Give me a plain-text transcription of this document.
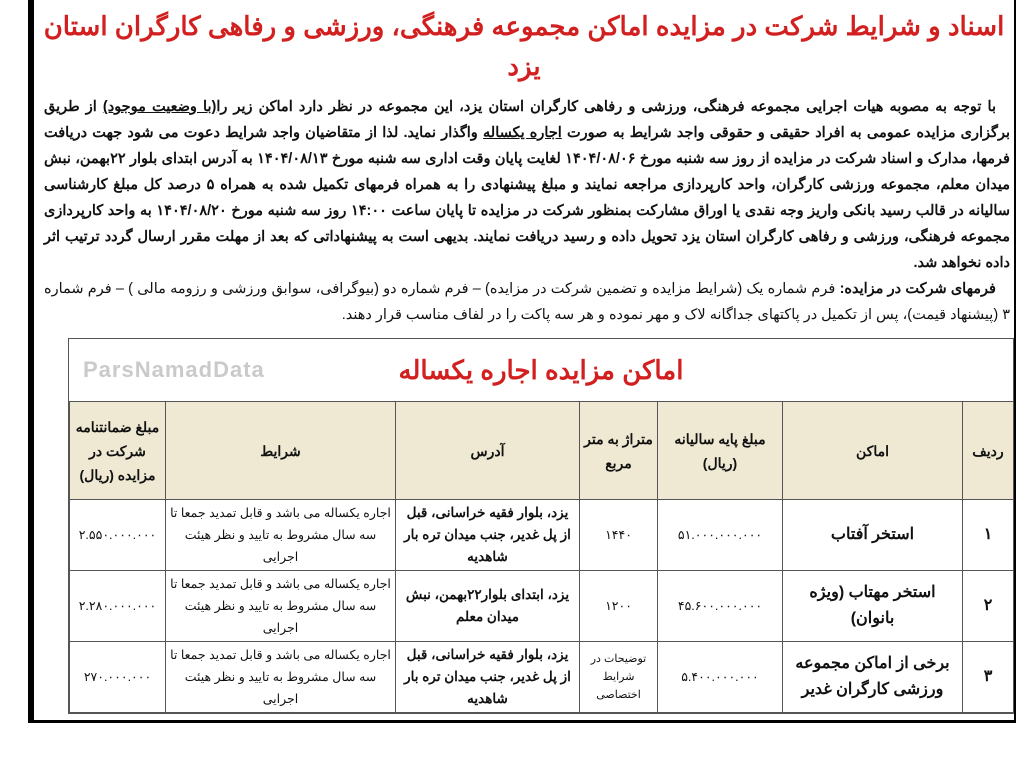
اسناد و شرایط شرکت در مزایده اماکن مجموعه فرهنگی، ورزشی و رفاهی کارگران استان یزد

با توجه به مصوبه هیات اجرایی مجموعه فرهنگی، ورزشی و رفاهی کارگران استان یزد، این مجموعه در نظر دارد اماکن زیر را(با وضعیت موجود) از طریق برگزاری مزایده عمومی به افراد حقیقی و حقوقی واجد شرایط به صورت اجاره یکساله واگذار نماید. لذا از متقاضیان واجد شرایط دعوت می شود جهت دریافت فرمها، مدارک و اسناد شرکت در مزایده از روز سه شنبه مورخ ۱۴۰۴/۰۸/۰۶ لغایت پایان وقت اداری سه شنبه مورخ ۱۴۰۴/۰۸/۱۳ به آدرس ابتدای بلوار ۲۲بهمن، نبش میدان معلم، مجموعه ورزشی کارگران، واحد کارپردازی مراجعه نمایند و مبلغ پیشنهادی را به همراه فرمهای تکمیل شده به همراه ۵ درصد کل مبلغ کارشناسی سالیانه در قالب رسید بانکی واریز وجه نقدی یا اوراق مشارکت بمنظور شرکت در مزایده تا پایان ساعت ۱۴:۰۰ روز سه شنبه مورخ ۱۴۰۴/۰۸/۲۰ به واحد کارپردازی مجموعه فرهنگی، ورزشی و رفاهی کارگران استان یزد تحویل داده و رسید دریافت نمایند. بدیهی است به پیشنهاداتی که بعد از مهلت مقرر ارسال گردد ترتیب اثر داده نخواهد شد.

فرمهای شرکت در مزایده: فرم شماره یک (شرایط مزایده و تضمین شرکت در مزایده) – فرم شماره دو (بیوگرافی، سوابق ورزشی و رزومه مالی ) – فرم شماره ۳ (پیشنهاد قیمت)، پس از تکمیل در پاکتهای جداگانه لاک و مهر نموده و هر سه پاکت را در لفاف مناسب قرار دهند.

اماکن مزایده اجاره یکساله
ParsNamadData
ردیف	اماکن	مبلغ پایه سالیانه (ریال)	متراژ به متر مربع	آدرس	شرایط	مبلغ ضمانتنامه شرکت در مزایده (ریال)
۱	استخر آفتاب	۵۱.۰۰۰.۰۰۰.۰۰۰	۱۴۴۰	یزد، بلوار فقیه خراسانی، قبل از پل غدیر، جنب میدان تره بار شاهدیه	اجاره یکساله می باشد و قابل تمدید جمعا تا سه سال مشروط به تایید و نظر هیئت اجرایی	۲.۵۵۰.۰۰۰.۰۰۰
۲	استخر مهتاب (ویژه بانوان)	۴۵.۶۰۰.۰۰۰.۰۰۰	۱۲۰۰	یزد، ابتدای بلوار۲۲بهمن، نبش میدان معلم	اجاره یکساله می باشد و قابل تمدید جمعا تا سه سال مشروط به تایید و نظر هیئت اجرایی	۲.۲۸۰.۰۰۰.۰۰۰
۳	برخی از اماکن مجموعه ورزشی کارگران غدیر	۵.۴۰۰.۰۰۰.۰۰۰	توضیحات در شرایط اختصاصی	یزد، بلوار فقیه خراسانی، قبل از پل غدیر، جنب میدان تره بار شاهدیه	اجاره یکساله می باشد و قابل تمدید جمعا تا سه سال مشروط به تایید و نظر هیئت اجرایی	۲۷۰.۰۰۰.۰۰۰
